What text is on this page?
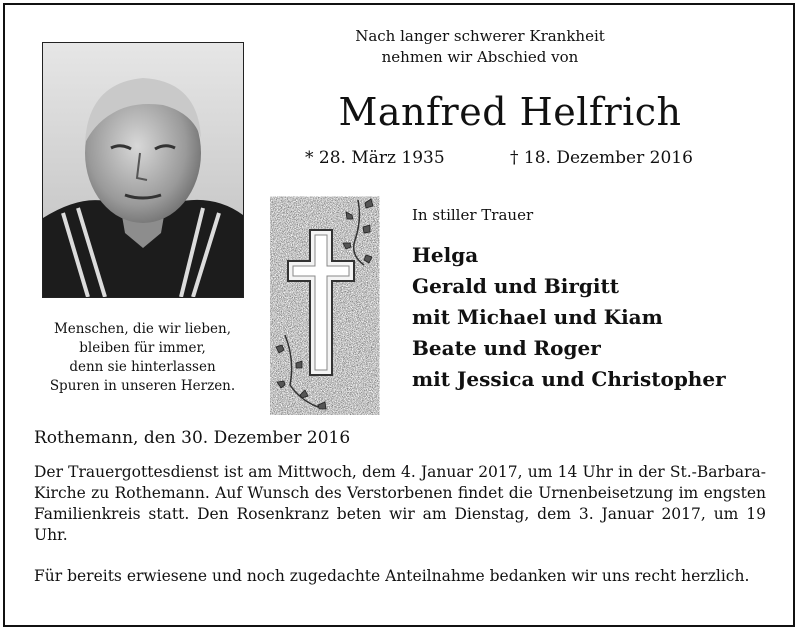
Nach langer schwerer Krankheit
nehmen wir Abschied von
Manfred Helfrich
* 28. März 1935	† 18. Dezember 2016
Menschen, die wir lieben,
bleiben für immer,
denn sie hinterlassen
Spuren in unseren Herzen.
In stiller Trauer
Helga
Gerald und Birgitt
mit Michael und Kiam
Beate und Roger
mit Jessica und Christopher
Rothemann, den 30. Dezember 2016
Der Trauergottesdienst ist am Mittwoch, dem 4. Januar 2017, um 14 Uhr in der St.-Barbara-Kirche zu Rothemann. Auf Wunsch des Verstorbenen findet die Urnenbeisetzung im engsten Familienkreis statt. Den Rosenkranz beten wir am Dienstag, dem 3. Januar 2017, um 19 Uhr.
Für bereits erwiesene und noch zugedachte Anteilnahme bedanken wir uns recht herzlich.
